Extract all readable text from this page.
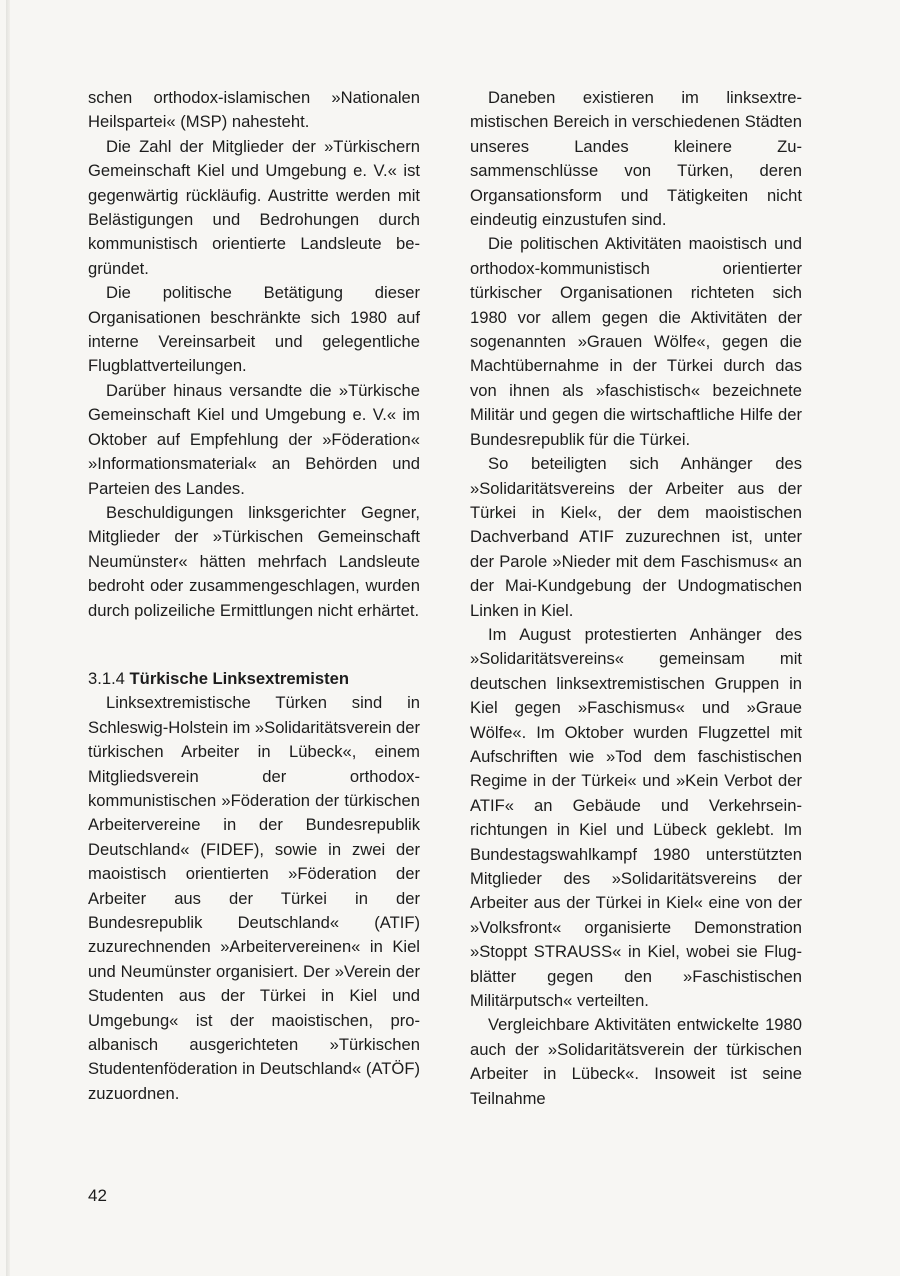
schen orthodox-islamischen »Nationalen Heilspartei« (MSP) nahesteht.

Die Zahl der Mitglieder der »Türkischern Gemeinschaft Kiel und Umgebung e. V.« ist gegenwärtig rückläufig. Austritte werden mit Belästigungen und Bedrohungen durch kommunistisch orientierte Landsleute begründet.

Die politische Betätigung dieser Organisationen beschränkte sich 1980 auf interne Vereinsarbeit und gelegentliche Flugblattverteilungen.

Darüber hinaus versandte die »Türkische Gemeinschaft Kiel und Umgebung e. V.« im Oktober auf Empfehlung der »Föderation« »Informationsmaterial« an Behörden und Parteien des Landes.

Beschuldigungen linksgerichter Gegner, Mitglieder der »Türkischen Gemeinschaft Neumünster« hätten mehrfach Landsleute bedroht oder zusammengeschlagen, wurden durch polizeiliche Ermittlungen nicht erhärtet.

3.1.4 Türkische Linksextremisten

Linksextremistische Türken sind in Schleswig-Holstein im »Solidaritätsverein der türkischen Arbeiter in Lübeck«, einem Mitgliedsverein der orthodox-kommunistischen »Föderation der türkischen Arbeitervereine in der Bundesrepublik Deutschland« (FIDEF), sowie in zwei der maoistisch orientierten »Föderation der Arbeiter aus der Türkei in der Bundesrepublik Deutschland« (ATIF) zuzurechnenden »Arbeitervereinen« in Kiel und Neumünster organisiert. Der »Verein der Studenten aus der Türkei in Kiel und Umgebung« ist der maoistischen, pro-albanisch ausgerichteten »Türkischen Studentenföderation in Deutschland« (ATÖF) zuzuordnen.

Daneben existieren im linksextremistischen Bereich in verschiedenen Städten unseres Landes kleinere Zusammenschlüsse von Türken, deren Organsationsform und Tätigkeiten nicht eindeutig einzustufen sind.

Die politischen Aktivitäten maoistisch und orthodox-kommunistisch orientierter türkischer Organisationen richteten sich 1980 vor allem gegen die Aktivitäten der sogenannten »Grauen Wölfe«, gegen die Machtübernahme in der Türkei durch das von ihnen als »faschistisch« bezeichnete Militär und gegen die wirtschaftliche Hilfe der Bundesrepublik für die Türkei.

So beteiligten sich Anhänger des »Solidaritätsvereins der Arbeiter aus der Türkei in Kiel«, der dem maoistischen Dachverband ATIF zuzurechnen ist, unter der Parole »Nieder mit dem Faschismus« an der Mai-Kundgebung der Undogmatischen Linken in Kiel.

Im August protestierten Anhänger des »Solidaritätsvereins« gemeinsam mit deutschen linksextremistischen Gruppen in Kiel gegen »Faschismus« und »Graue Wölfe«. Im Oktober wurden Flugzettel mit Aufschriften wie »Tod dem faschistischen Regime in der Türkei« und »Kein Verbot der ATIF« an Gebäude und Verkehrseinrichtungen in Kiel und Lübeck geklebt. Im Bundestagswahlkampf 1980 unterstützten Mitglieder des »Solidaritätsvereins der Arbeiter aus der Türkei in Kiel« eine von der »Volksfront« organisierte Demonstration »Stoppt STRAUSS« in Kiel, wobei sie Flugblätter gegen den »Faschistischen Militärputsch« verteilten.

Vergleichbare Aktivitäten entwickelte 1980 auch der »Solidaritätsverein der türkischen Arbeiter in Lübeck«. Insoweit ist seine Teilnahme

42
